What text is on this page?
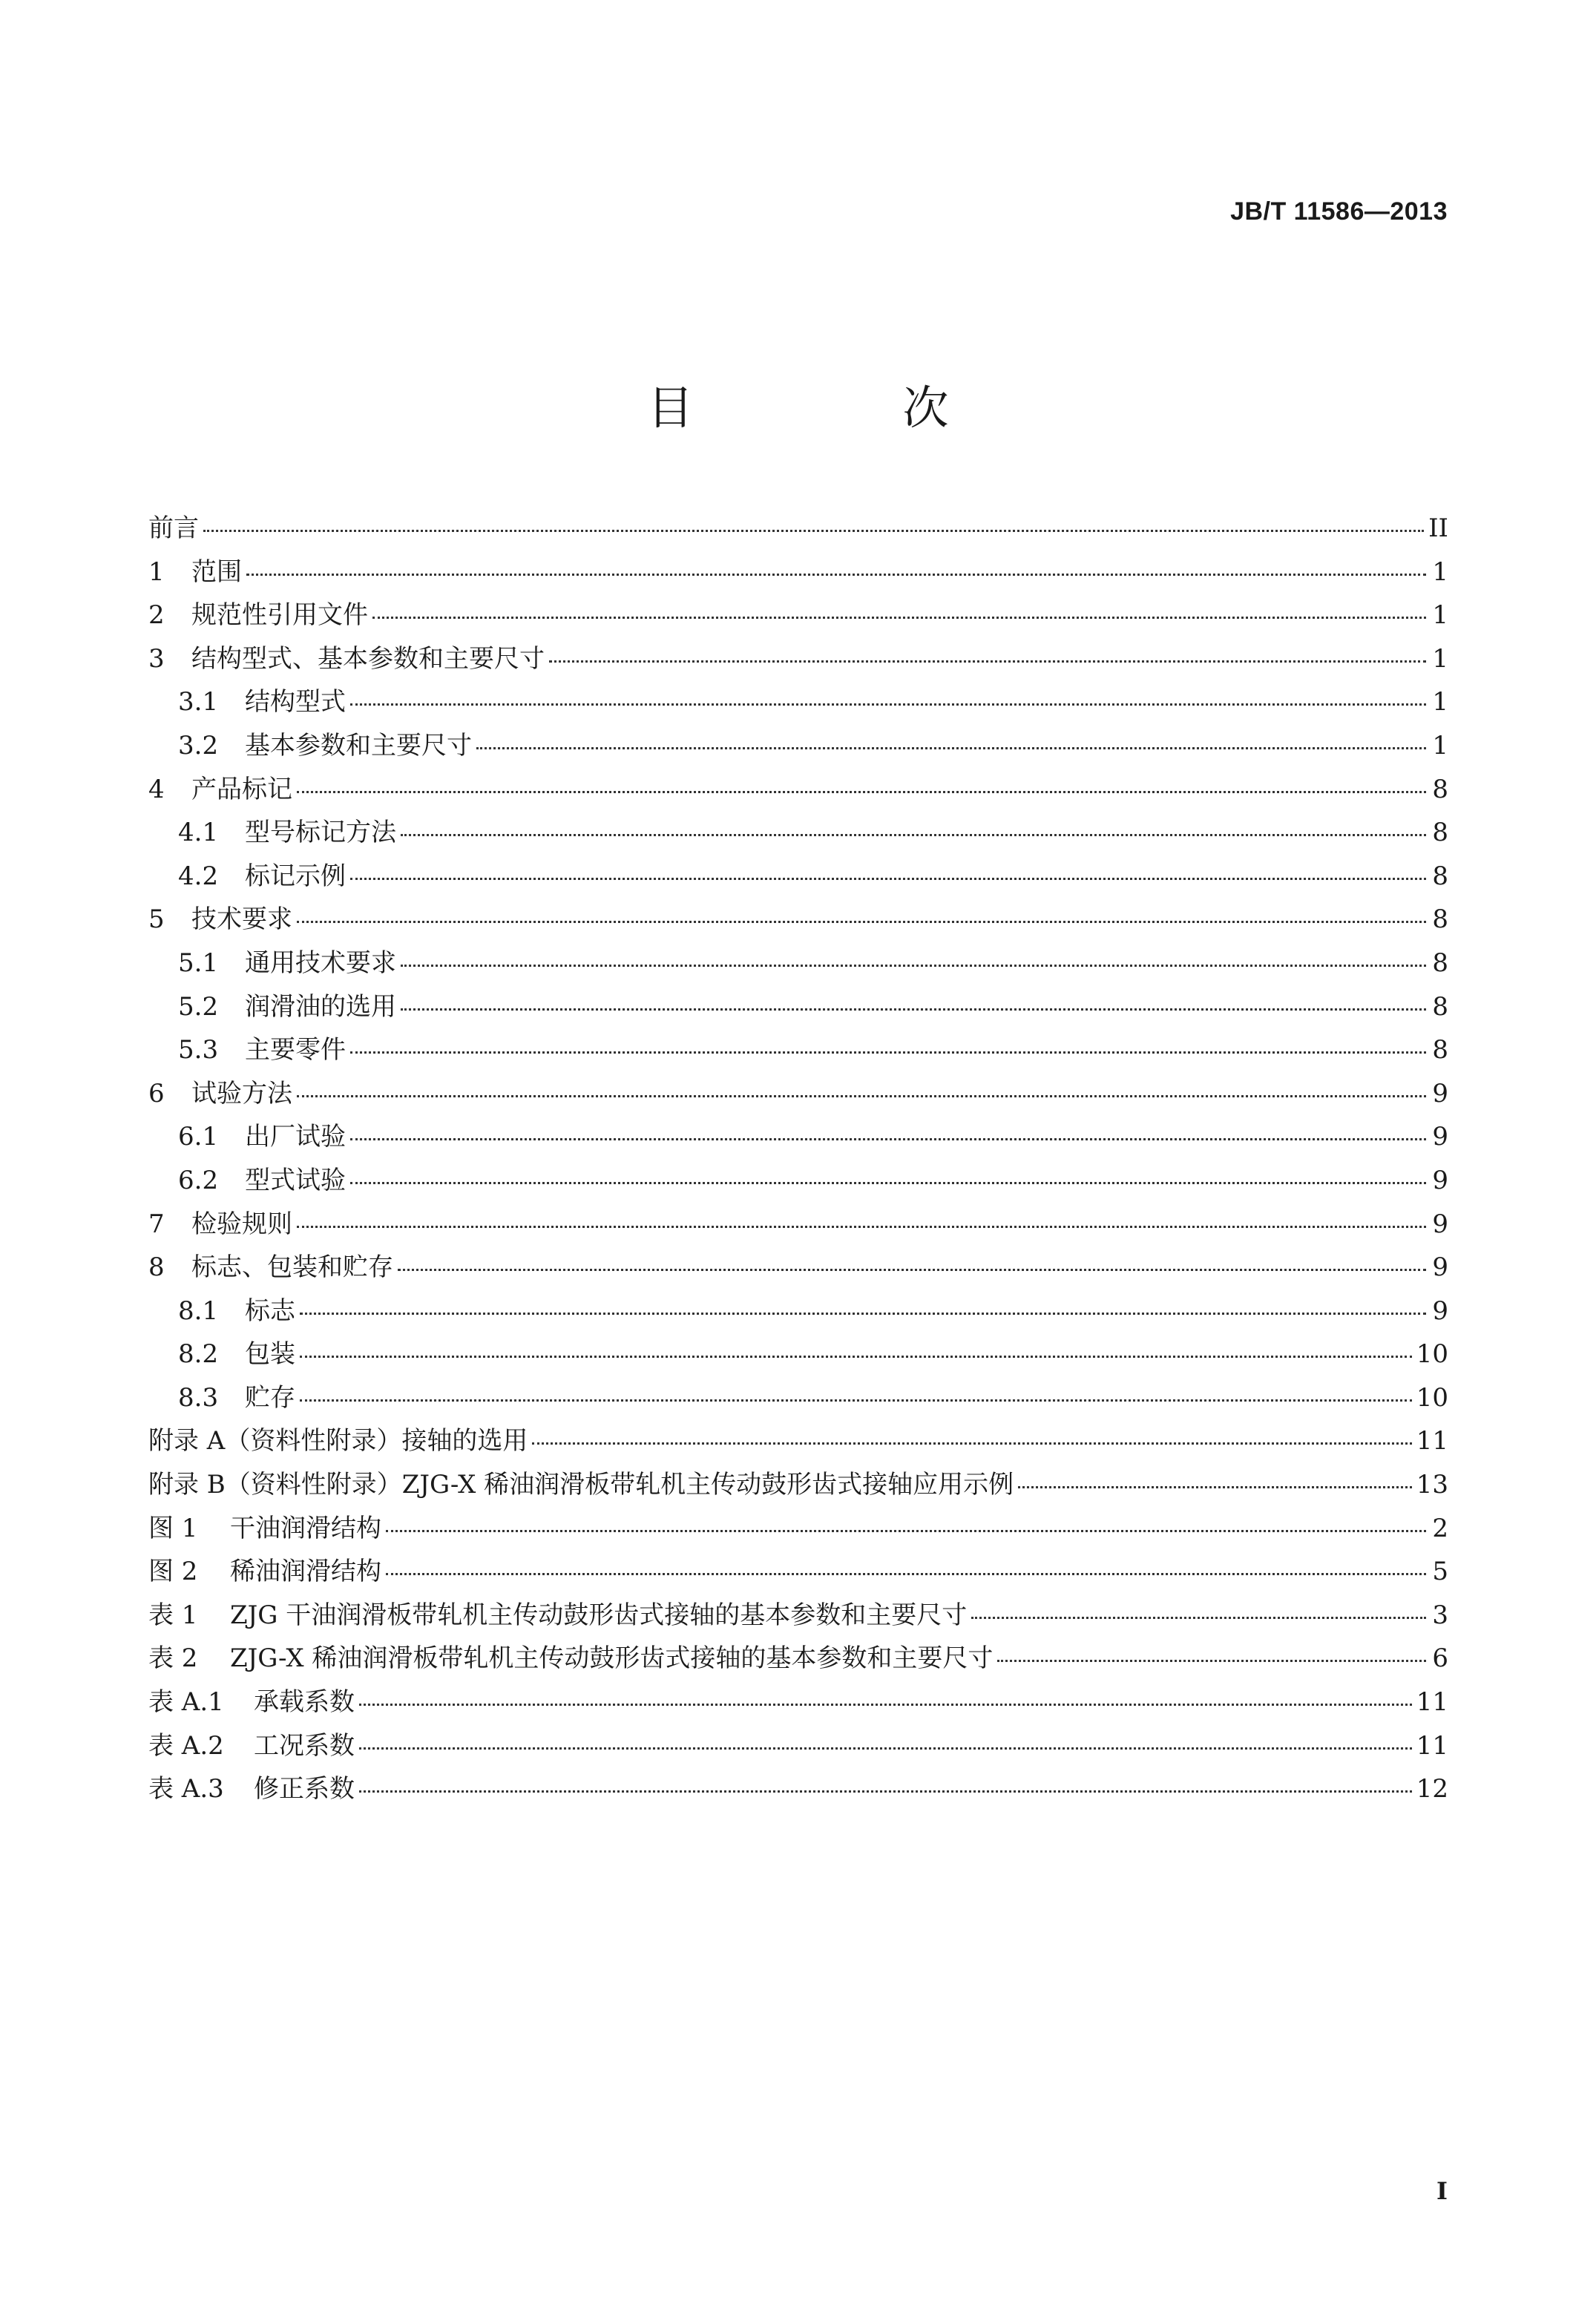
JB/T 11586—2013
目　次
前言	II
1	范围	1
2	规范性引用文件	1
3	结构型式、基本参数和主要尺寸	1
3.1	结构型式	1
3.2	基本参数和主要尺寸	1
4	产品标记	8
4.1	型号标记方法	8
4.2	标记示例	8
5	技术要求	8
5.1	通用技术要求	8
5.2	润滑油的选用	8
5.3	主要零件	8
6	试验方法	9
6.1	出厂试验	9
6.2	型式试验	9
7	检验规则	9
8	标志、包装和贮存	9
8.1	标志	9
8.2	包装	10
8.3	贮存	10
附录 A（资料性附录）接轴的选用	11
附录 B（资料性附录）ZJG-X 稀油润滑板带轧机主传动鼓形齿式接轴应用示例	13
图 1	干油润滑结构	2
图 2	稀油润滑结构	5
表 1	ZJG 干油润滑板带轧机主传动鼓形齿式接轴的基本参数和主要尺寸	3
表 2	ZJG-X 稀油润滑板带轧机主传动鼓形齿式接轴的基本参数和主要尺寸	6
表 A.1	承载系数	11
表 A.2	工况系数	11
表 A.3	修正系数	12
I
